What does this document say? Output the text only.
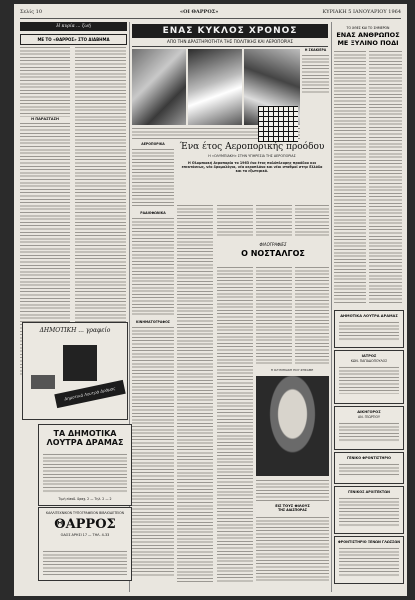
Σελίς 10	«ΟΙ ΘΑΡΡΟΣ»	ΚΥΡΙΑΚΗ 5 ΙΑΝΟΥΑΡΙΟΥ 1964
Η κυρία ... ζωή
ΜΕ ΤΟ «ΘΑΡΡΟΣ» ΣΤΟ ΔΙΑΒΗΜΑ
Η ΠΑΡΑΣΤΑΣΗ
ΔΗΜΟΤΙΚΗ ... γραφείο
Δημοτικά Λουτρά Δράμας
ΤΑ ΔΗΜΟΤΙΚΑ ΛΟΥΤΡΑ ΔΡΑΜΑΣ
Τιμή είσοδ. δραχ. 2 — Τηλ. 2 — 2
ΚΑΛΛΙΤΕΧΝΙΚΟΝ ΤΥΠΟΓΡΑΦΕΙΟΝ ΒΙΒΛΙΟΔΕΤΕΙΟΝ
ΘΑΡΡΟΣ
ΟΔΟΣ ΑΡΗΣΙ 17 — ΤΗΛ. 4-33
ΕΝΑΣ ΚΥΚΛΟΣ ΧΡΟΝΟΣ
ΑΠΟ ΤΗΝ ΔΡΑΣΤΗΡΙΟΤΗΤΑ ΤΗΣ ΠΟΛΙΤΙΚΗΣ ΚΑΙ ΑΕΡΟΠΟΡΙΑΣ
Η ΣΚΑΚΙΕΡΑ
ΑΕΡΟΠΟΡΙΚΑ
ΡΑΔΙΟΦΩΝΙΚΑ
ΚΙΝΗΜΑΤΟΓΡΑΦΟΣ
Ένα έτος Αεροπορικής προόδου
Η «ΟΛΥΜΠΙΑΚΗ» ΣΤΗΝ ΥΠΗΡΕΣΙΑ ΤΗΣ ΑΕΡΟΠΟΡΙΑΣ
Η Ολυμπιακή Αεροπορία το 1963 ένα έτος πολύπλευρης προόδου και επεκτάσεως, νέα δρομολόγια, νέα αεροπλάνα και νέοι σταθμοί στην Ελλάδα και το εξωτερικό.
ΦΙΛΟΓΡΑΦΙΕΣ
Ο ΝΟΣΤΑΛΓΟΣ
Η ΟΛΥΜΠΙΑΚΗ ΠΟΥ ΖΗΣΑΜΕ
ΕΙΣ ΤΟΥΣ ΦΙΛΟΥΣ
ΤΗΣ ΔΙΑΣΠΟΡΑΣ
ΤΟ ΧΘΕΣ ΚΑΙ ΤΟ ΣΗΜΕΡΟΝ
ΕΝΑΣ ΑΝΘΡΩΠΟΣ ΜΕ ΞΥΛΙΝΟ ΠΟΔΙ
ΔΗΜΟΤΙΚΑ ΛΟΥΤΡΑ ΔΡΑΜΑΣ
ΙΑΤΡΟΣ
ΚΩΝ. ΠΑΠΑΔΟΠΟΥΛΟΣ
ΔΙΚΗΓΟΡΟΣ
ΑΝ. ΓΕΩΡΓΙΟΥ
ΓΕΝΙΚΟ ΦΡΟΝΤΙΣΤΗΡΙΟ
ΓΕΝΙΚΟΣ ΑΡΧΙΤΕΚΤΩΝ
ΦΡΟΝΤΙΣΤΗΡΙΟ ΞΕΝΩΝ ΓΛΩΣΣΩΝ
